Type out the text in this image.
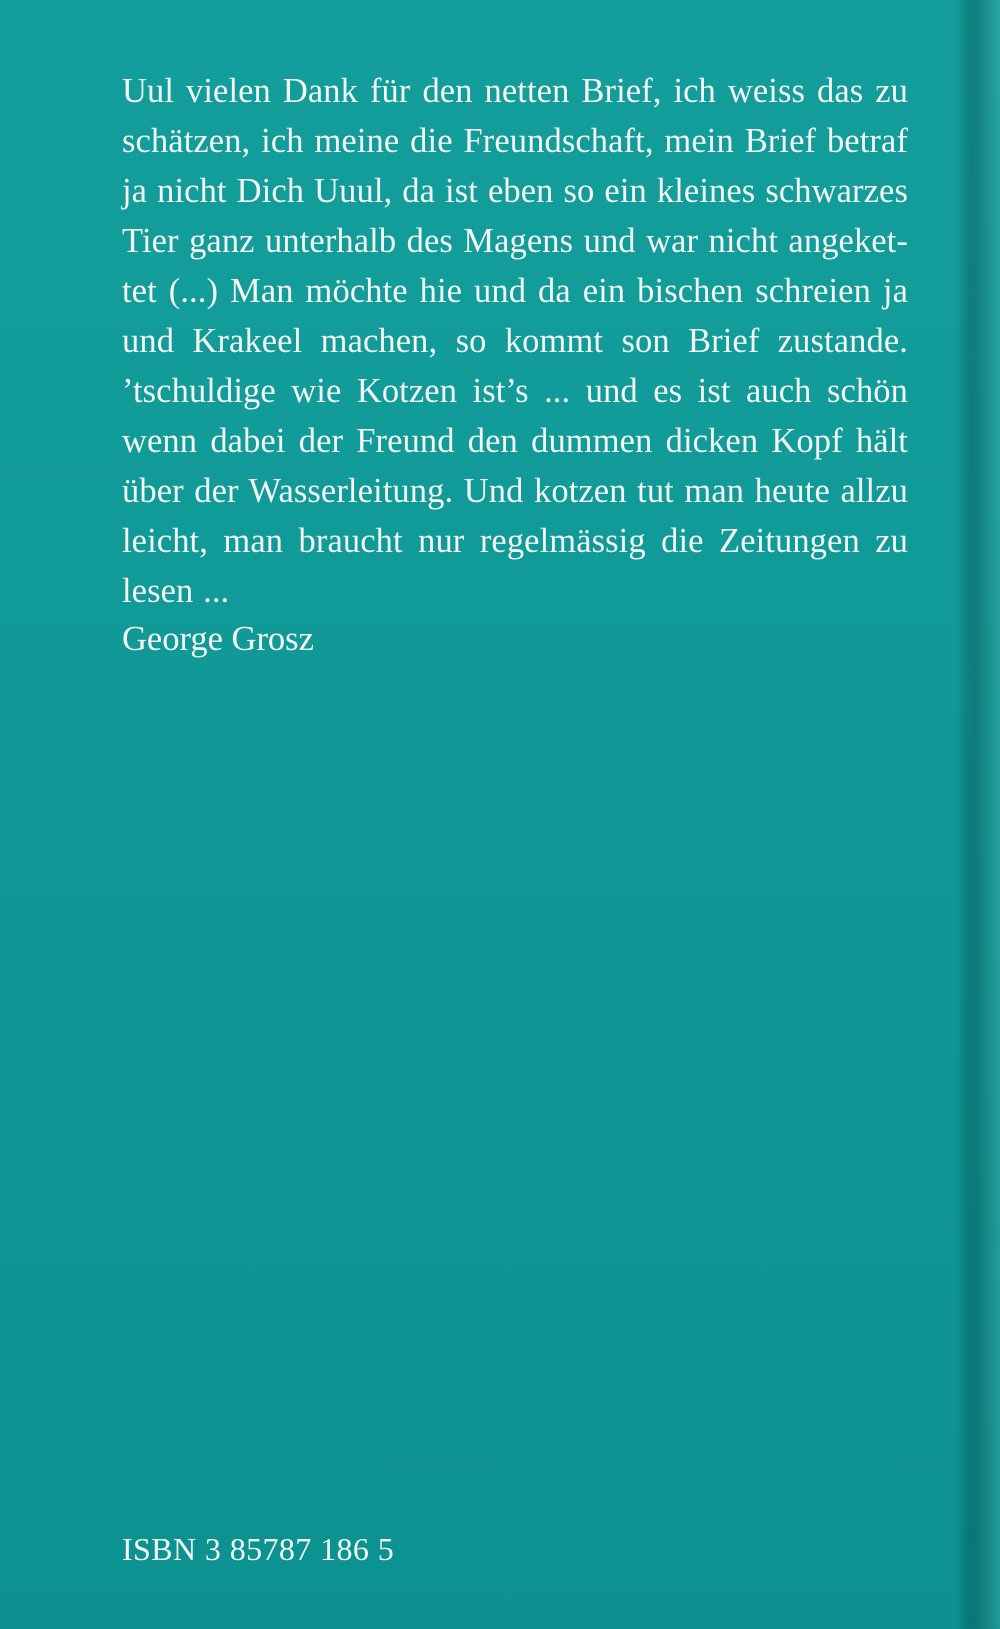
Uul vielen Dank für den netten Brief, ich weiss das zu
schätzen, ich meine die Freundschaft, mein Brief betraf
ja nicht Dich Uuul, da ist eben so ein kleines schwarzes
Tier ganz unterhalb des Magens und war nicht angeket-
tet (...) Man möchte hie und da ein bischen schreien ja
und Krakeel machen, so kommt son Brief zustande.
’tschuldige wie Kotzen ist’s ... und es ist auch schön
wenn dabei der Freund den dummen dicken Kopf hält
über der Wasserleitung. Und kotzen tut man heute allzu
leicht, man braucht nur regelmässig die Zeitungen zu
lesen ...
George Grosz
ISBN 3 85787 186 5
